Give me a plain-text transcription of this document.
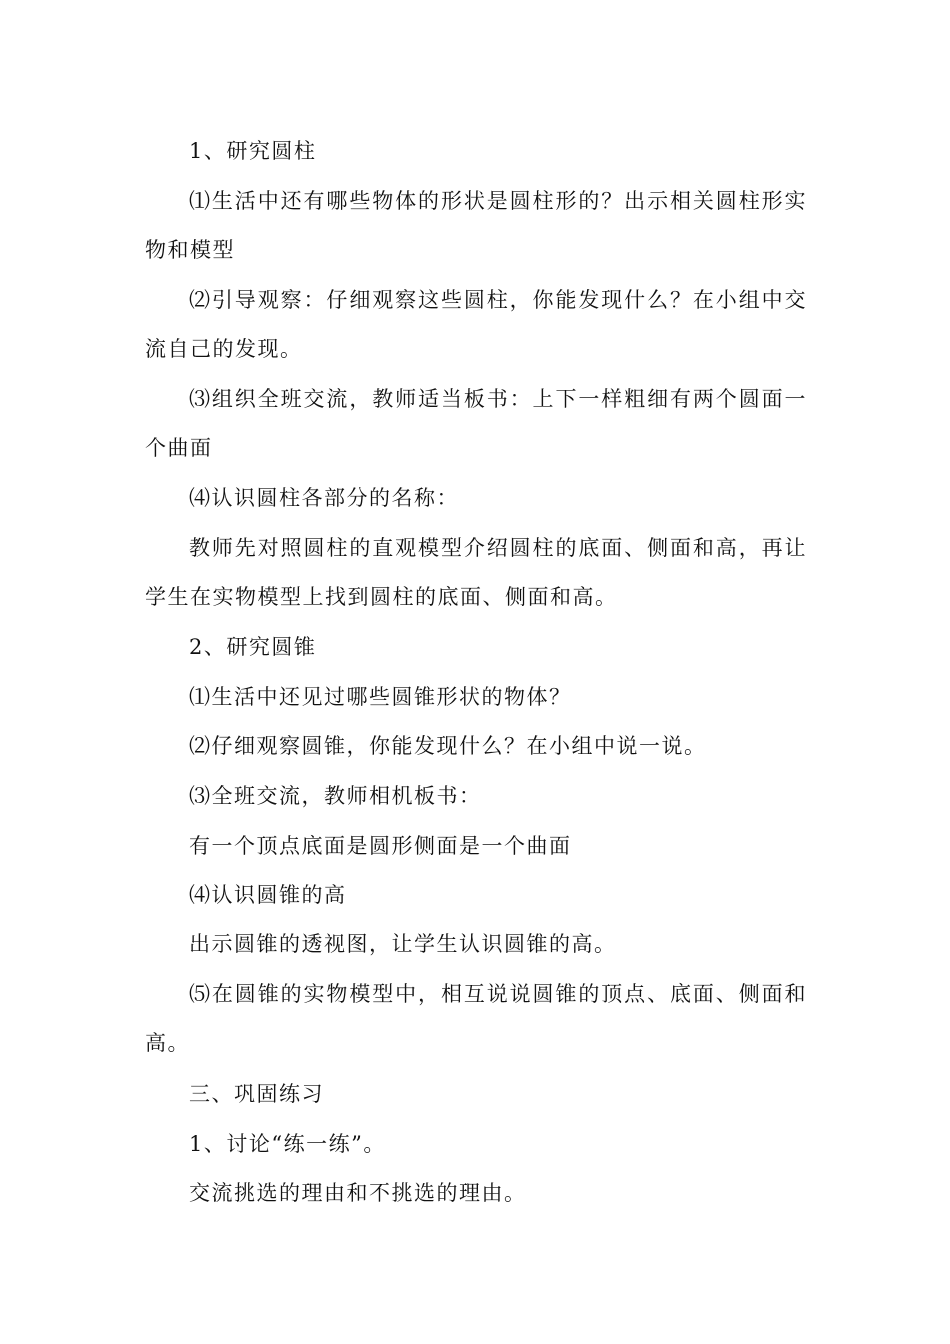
1、研究圆柱

⑴生活中还有哪些物体的形状是圆柱形的？出示相关圆柱形实物和模型

⑵引导观察：仔细观察这些圆柱，你能发现什么？在小组中交流自己的发现。

⑶组织全班交流，教师适当板书：上下一样粗细有两个圆面一个曲面

⑷认识圆柱各部分的名称：

教师先对照圆柱的直观模型介绍圆柱的底面、侧面和高，再让学生在实物模型上找到圆柱的底面、侧面和高。

2、研究圆锥

⑴生活中还见过哪些圆锥形状的物体？

⑵仔细观察圆锥，你能发现什么？在小组中说一说。

⑶全班交流，教师相机板书：

有一个顶点底面是圆形侧面是一个曲面

⑷认识圆锥的高

出示圆锥的透视图，让学生认识圆锥的高。

⑸在圆锥的实物模型中，相互说说圆锥的顶点、底面、侧面和高。

三、巩固练习

1、讨论“练一练”。

交流挑选的理由和不挑选的理由。
